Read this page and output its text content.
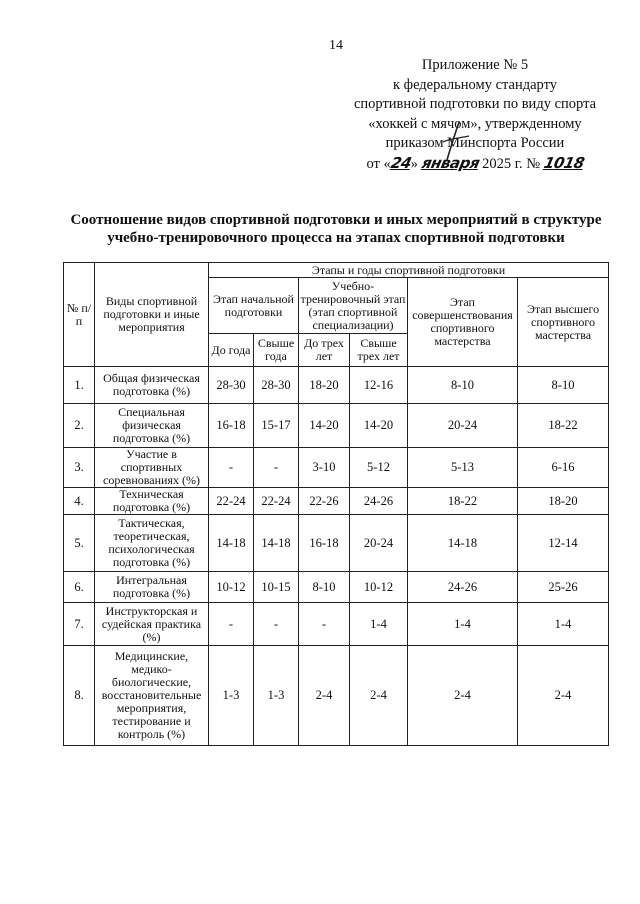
14
Приложение № 5
к федеральному стандарту
спортивной подготовки по виду спорта
«хоккей с мячом», утвержденному
приказом Минспорта России
от «24» января 2025 г. № 1018
Соотношение видов спортивной подготовки и иных мероприятий в структуре
учебно-тренировочного процесса на этапах спортивной подготовки
№ п/п	Виды спортивной подготовки и иные мероприятия	Этапы и годы спортивной подготовки					
		Этап начальной подготовки		Учебно-тренировочный этап (этап спортивной специализации)		Этап совершенствования спортивного мастерства	Этап высшего спортивного мастерства
		До года	Свыше года	До трех лет	Свыше трех лет		
1.	Общая физическая подготовка (%)	28-30	28-30	18-20	12-16	8-10	8-10
2.	Специальная физическая подготовка (%)	16-18	15-17	14-20	14-20	20-24	18-22
3.	Участие в спортивных соревнованиях (%)	-	-	3-10	5-12	5-13	6-16
4.	Техническая подготовка (%)	22-24	22-24	22-26	24-26	18-22	18-20
5.	Тактическая, теоретическая, психологическая подготовка (%)	14-18	14-18	16-18	20-24	14-18	12-14
6.	Интегральная подготовка (%)	10-12	10-15	8-10	10-12	24-26	25-26
7.	Инструкторская и судейская практика (%)	-	-	-	1-4	1-4	1-4
8.	Медицинские, медико-биологические, восстановительные мероприятия, тестирование и контроль (%)	1-3	1-3	2-4	2-4	2-4	2-4
